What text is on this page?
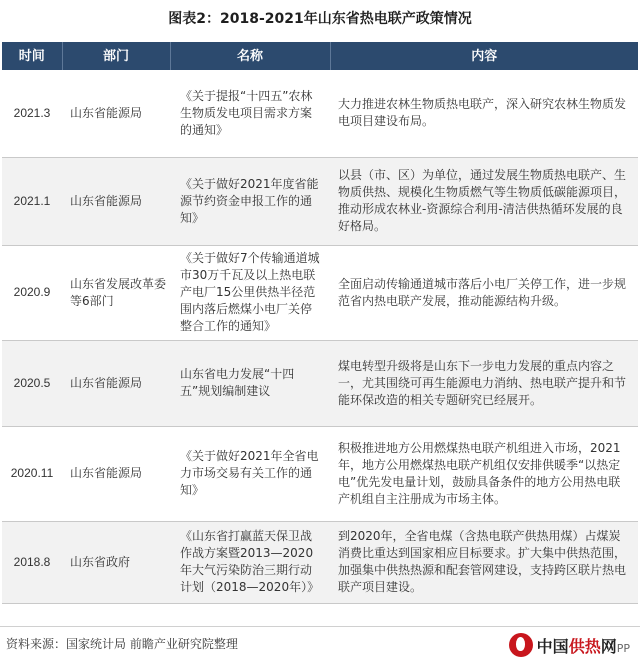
图表2：2018-2021年山东省热电联产政策情况
时间	部门	名称	内容
2021.3	山东省能源局	《关于提报“十四五”农林生物质发电项目需求方案的通知》	大力推进农林生物质热电联产，深入研究农林生物质发电项目建设布局。
2021.1	山东省能源局	《关于做好2021年度省能源节约资金申报工作的通知》	以县（市、区）为单位，通过发展生物质热电联产、生物质供热、规模化生物质燃气等生物质低碳能源项目，推动形成农林业-资源综合利用-清洁供热循环发展的良好格局。
2020.9	山东省发展改革委等6部门	《关于做好7个传输通道城市30万千瓦及以上热电联产电厂15公里供热半径范围内落后燃煤小电厂关停整合工作的通知》	全面启动传输通道城市落后小电厂关停工作，进一步规范省内热电联产发展，推动能源结构升级。
2020.5	山东省能源局	山东省电力发展“十四五”规划编制建议	煤电转型升级将是山东下一步电力发展的重点内容之一，尤其围绕可再生能源电力消纳、热电联产提升和节能环保改造的相关专题研究已经展开。
2020.11	山东省能源局	《关于做好2021年全省电力市场交易有关工作的通知》	积极推进地方公用燃煤热电联产机组进入市场，2021年，地方公用燃煤热电联产机组仅安排供暖季“以热定电”优先发电量计划，鼓励具备条件的地方公用热电联产机组自主注册成为市场主体。
2018.8	山东省政府	《山东省打赢蓝天保卫战作战方案暨2013—2020年大气污染防治三期行动计划（2018—2020年）》	到2020年，全省电煤（含热电联产供热用煤）占煤炭消费比重达到国家相应目标要求。扩大集中供热范围，加强集中供热热源和配套管网建设，支持跨区联片热电联产项目建设。
资料来源：国家统计局 前瞻产业研究院整理	中国供热网PP
